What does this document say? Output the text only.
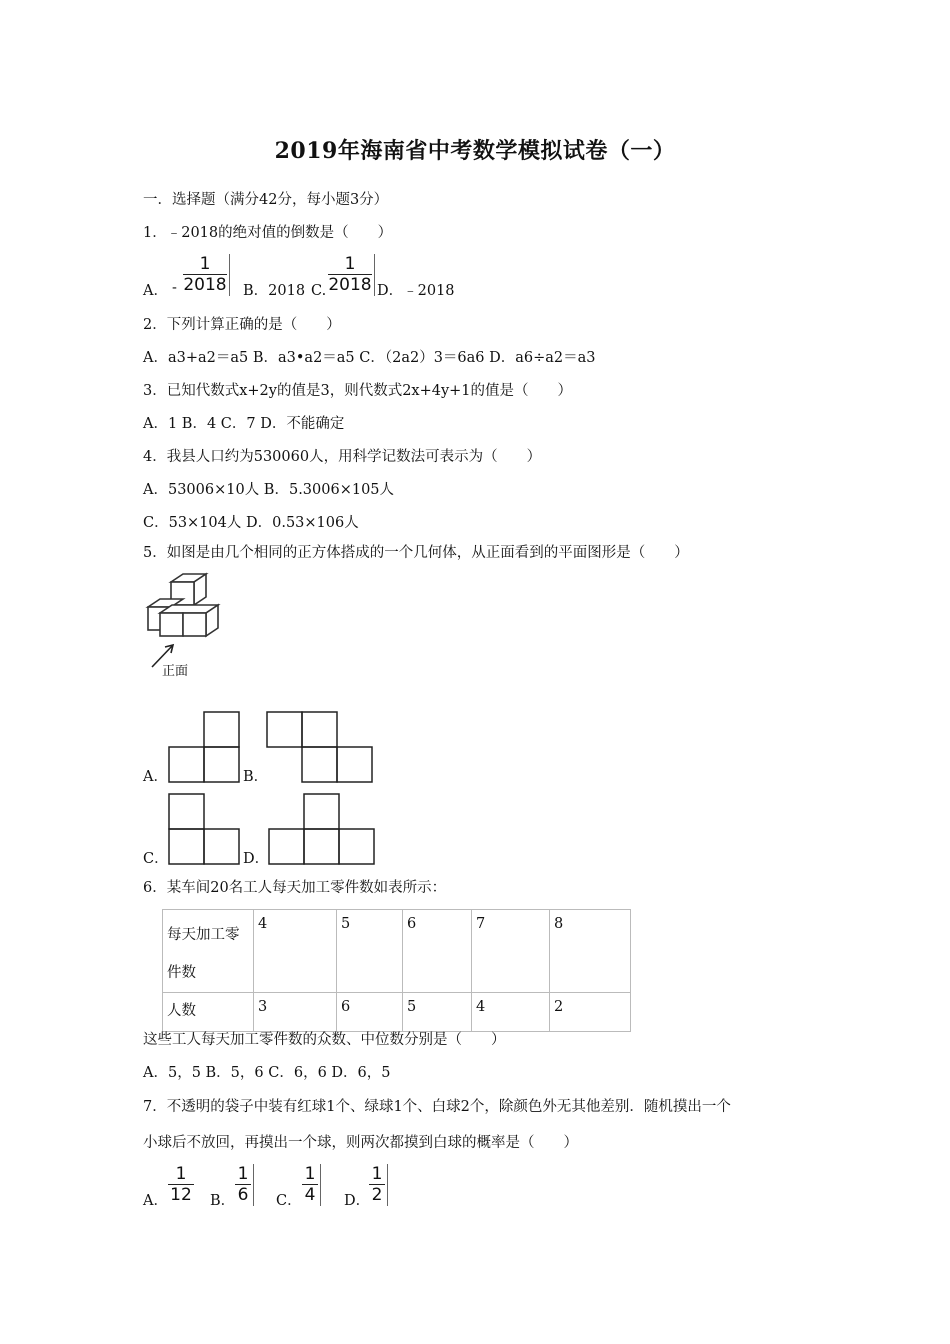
2019年海南省中考数学模拟试卷（一）
一．选择题（满分42分，每小题3分）
1．﹣2018的绝对值的倒数是（　　）
A． -
1
2018 B．2018 C.
1
2018 D．﹣2018
2．下列计算正确的是（　　）
A．a3+a2＝a5 B．a3•a2＝a5 C．（2a2）3＝6a6 D．a6÷a2＝a3
3．已知代数式x+2y的值是3，则代数式2x+4y+1的值是（　　）
A．1 B．4 C．7 D．不能确定
4．我县人口约为530060人，用科学记数法可表示为（　　）
A．53006×10人 B．5.3006×105人
C．53×104人 D．0.53×106人
5．如图是由几个相同的正方体搭成的一个几何体，从正面看到的平面图形是（　　）
正面
A．	B．
C．	D．
6．某车间20名工人每天加工零件数如表所示：
每天加工零
件数	4	5	6	7	8
人数	3	6	5	4	2
这些工人每天加工零件数的众数、中位数分别是（　　）
A．5，5 B．5，6 C．6，6 D．6，5
7．不透明的袋子中装有红球1个、绿球1个、白球2个，除颜色外无其他差别．随机摸出一个
小球后不放回，再摸出一个球，则两次都摸到白球的概率是（　　）
A．
1
12 B．
1
6 C．
1
4 D．
1
2
